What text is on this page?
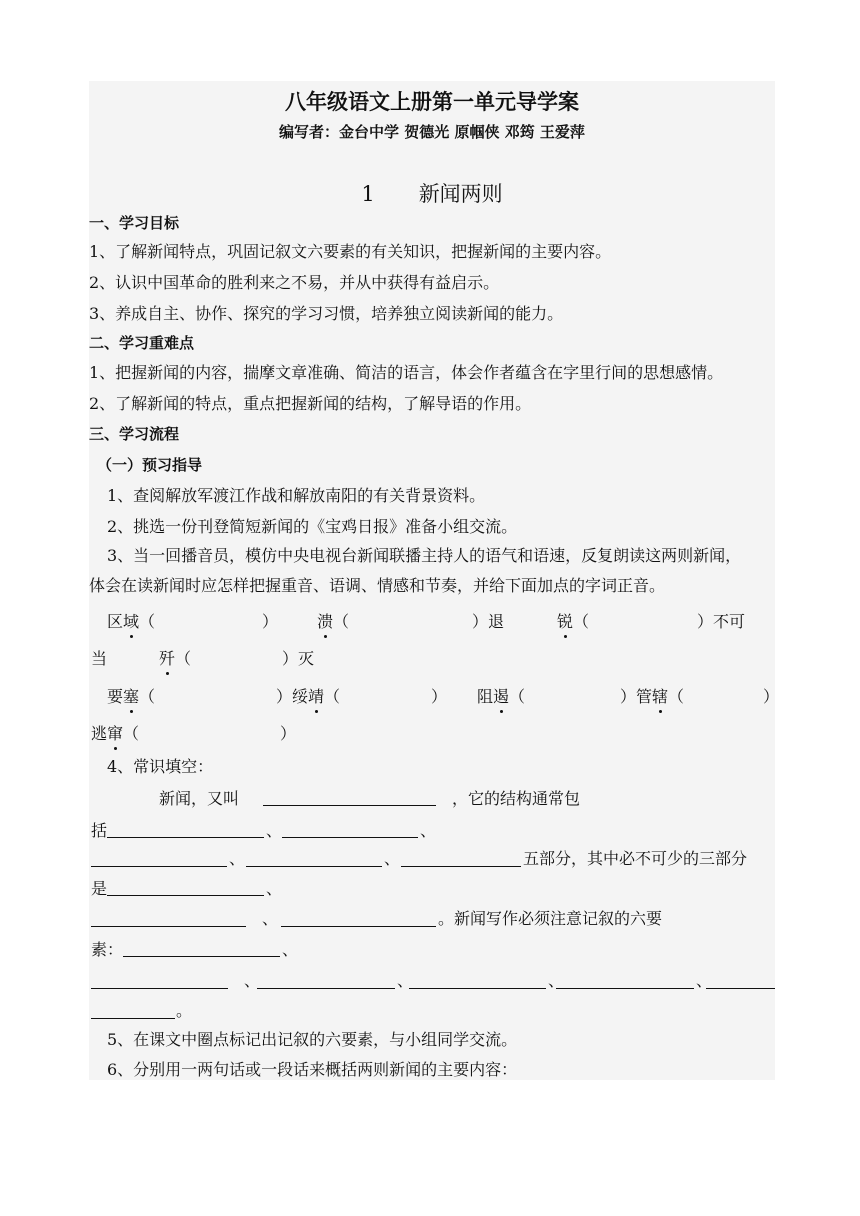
八年级语文上册第一单元导学案
编写者：金台中学 贺德光 原帼侠 邓筠 王爱萍
1 新闻两则
一、学习目标
1、了解新闻特点，巩固记叙文六要素的有关知识，把握新闻的主要内容。
2、认识中国革命的胜利来之不易，并从中获得有益启示。
3、养成自主、协作、探究的学习习惯，培养独立阅读新闻的能力。
二、学习重难点
1、把握新闻的内容，揣摩文章准确、简洁的语言，体会作者蕴含在字里行间的思想感情。
2、了解新闻的特点，重点把握新闻的结构，了解导语的作用。
三、学习流程
（一）预习指导
1、查阅解放军渡江作战和解放南阳的有关背景资料。
2、挑选一份刊登简短新闻的《宝鸡日报》准备小组交流。
3、当一回播音员，模仿中央电视台新闻联播主持人的语气和语速，反复朗读这两则新闻，
体会在读新闻时应怎样把握重音、语调、情感和节奏，并给下面加点的字词正音。
区域（	） 溃（	）退	锐（	）不可
当	歼（	）灭
要塞（	）绥靖（	） 阻遏（	）管辖（	）
逃窜（	）
4、常识填空：
新闻，又叫	，它的结构通常包
括	、	、
、	、	五部分，其中必不可少的三部分
是	、
、	。新闻写作必须注意记叙的六要
素：	、
、	、	、	、
。
5、在课文中圈点标记出记叙的六要素，与小组同学交流。
6、分别用一两句话或一段话来概括两则新闻的主要内容：
